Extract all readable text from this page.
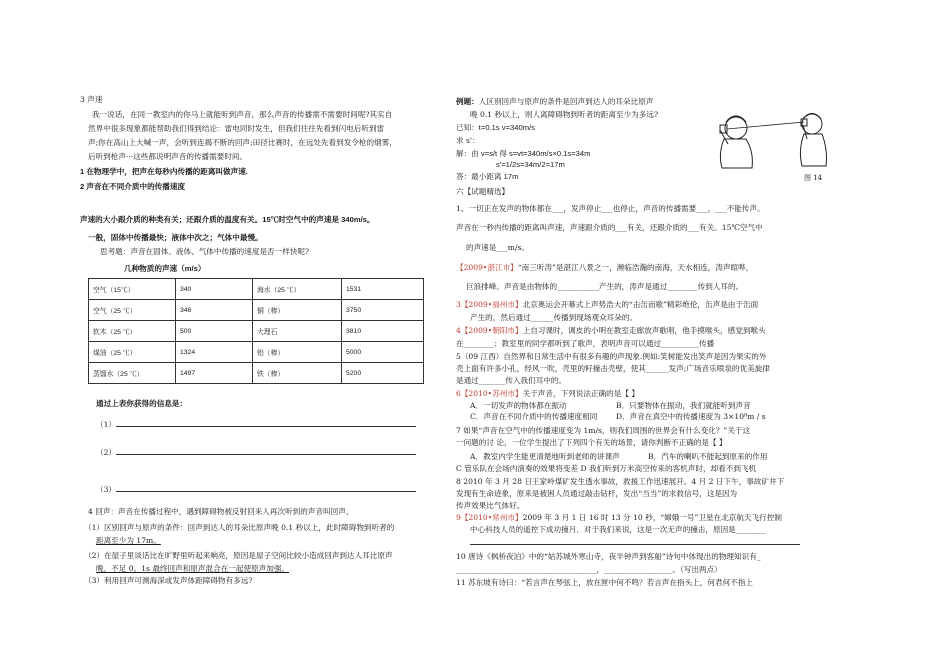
3 声速
我一说话，在同一教室内的你马上就能听到声音，那么声音的传播需不需要时间呢?其实自
然界中很多现象都能帮助我们得到结论：雷电同时发生，但我们往往先看到闪电后听到雷
声;你在高山上大喊一声，会听到连揭不断的回声;田径比赛时，在远处先看到发令枪的烟雾，
后听到枪声···这些都说明声音的传播需要时间。
1 在物理学中，把声在每秒内传播的距离叫做声速.
2 声音在不同介质中的传播速度
声速的大小跟介质的种类有关；还跟介质的温度有关。15℃时空气中的声速是 340m/s。
一般，固体中传播最快；液体中次之；气体中最慢。
思考题：声音在固体、液体、气体中传播的速度是否一样快呢?
几种物质的声速（m/s）
空气（15℃）	340	海水（25 ℃）	1531
空气（25 ℃）	346	铜（棒）	3750
软木（25 ℃）	500	大理石	3810
煤油（25 ℃）	1324	铝（棒）	5000
蒸馏水（25 ℃）	1497	铁（棒）	5200
通过上表你获得的信息是：
（1）
（2）
（3）
4 回声：声音在传播过程中，遇到障碍物被反射回来人再次听到的声音叫回声。
（1）区别回声与原声的条件：回声到达人的耳朵比原声晚 0.1 秒以上，此时障碍物到听者的
距离至少为 17m。
（2）在屋子里谈话比在旷野里听起来响亮，原因是屋子空间比较小造成回声到达人耳比原声
晚，不足 0。1s 最终回声和原声混合在一起使原声加强。
（3）利用回声可测海深或发声体距障碍物有多远?
例题：人区别回声与原声的条件是回声到达人的耳朵比原声
晚 0.1 秒以上，则人离障碍物到听者的距离至少为多远?
已知：t=0.1s v=340m/s
求 s'：
解：由 v=s/t 得 s=vt=340m/s×0.1s=34m
s'=1/2s=34m/2=17m
答：最小距离 17m	图 14
六【试题精选】
1、一切正在发声的物体都在___，发声停止___也停止，声音的传播需要___，___不能传声。
声音在一秒内传播的距离叫声速，声速跟介质的___有关，还跟介质的___有关。15℃空气中
的声速是___m/s。
【2009•湛江市】“南三听涛”是湛江八景之一，濒临浩瀚的南海，天水相连，涛声暄哗，
巨浪排峰。声音是由物体的___________产生的，涛声是通过________传到人耳的。
3【2009•福州市】北京奥运会开幕式上声势浩大的“击缶而歌”精彩绝伦，缶声是由于缶面
产生的，然后通过______传播到现场观众耳朵的。
4【2009•朝阳市】上自习课时，调皮的小明在教室走廊放声歌唱，他手摸喉头，感觉到喉头
在________；教室里的同学都听到了歌声，表明声音可以通过__________传播
5（09 江西）自然界和日常生活中有很多有趣的声现象.例如:笑树能发出笑声是因为果实的外
壳上面有许多小孔，经风一吹，壳里的籽撞击壳壁，使其______发声;广场音乐喷泉的优美旋律
是通过_______传入我们耳中的。
6【2010•苏州市】关于声音，下列说法正确的是【 】
A．一切发声的物体都在振动	B．只要物体在振动，我们就能听到声音
C．声音在不同介质中的传播速度相同 D．声音在真空中的传播速度为 3×10⁸m / s
7 如果“声音在空气中的传播速度变为 1m/s，则我们周围的世界会有什么变化？”关于这
一问题的讨 论，一位学生提出了下列四个有关的场景，请你判断不正确的是【 】
A．教室内学生能更清楚地听到老师的讲课声	B．汽车的喇叭不能起到原来的作用
C 管乐队在会场内演奏的效果将变差 D 我们听到万米高空传来的客机声时，却看不到飞机
8 2010 年 3 月 28 日王家岭煤矿发生透水事故，救援工作迅速展开。4 月 2 日下午，事故矿井下
发现有生命迹象，原来是被困人员通过敲击钻杆，发出“当当”的求救信号，这是因为
传声效果比气体好。
9【2010•常州市】2009 年 3 月 1 日 16 时 13 分 10 秒，“嫦娥一号”卫星在北京航天飞行控制
中心科技人员的遥控下成功撞月．对于我们来说，这是一次无声的撞击，原因是________
10 唐诗《枫桥夜泊》中的“姑苏城外寒山寺，夜半钟声到客船”诗句中体现出的物理知识有_
_____________________________________，__________________。（写出两点）
11 苏东坡有诗曰：“若言声在琴弦上，放在匣中何不鸣？若言声在指头上，何君何不指上
